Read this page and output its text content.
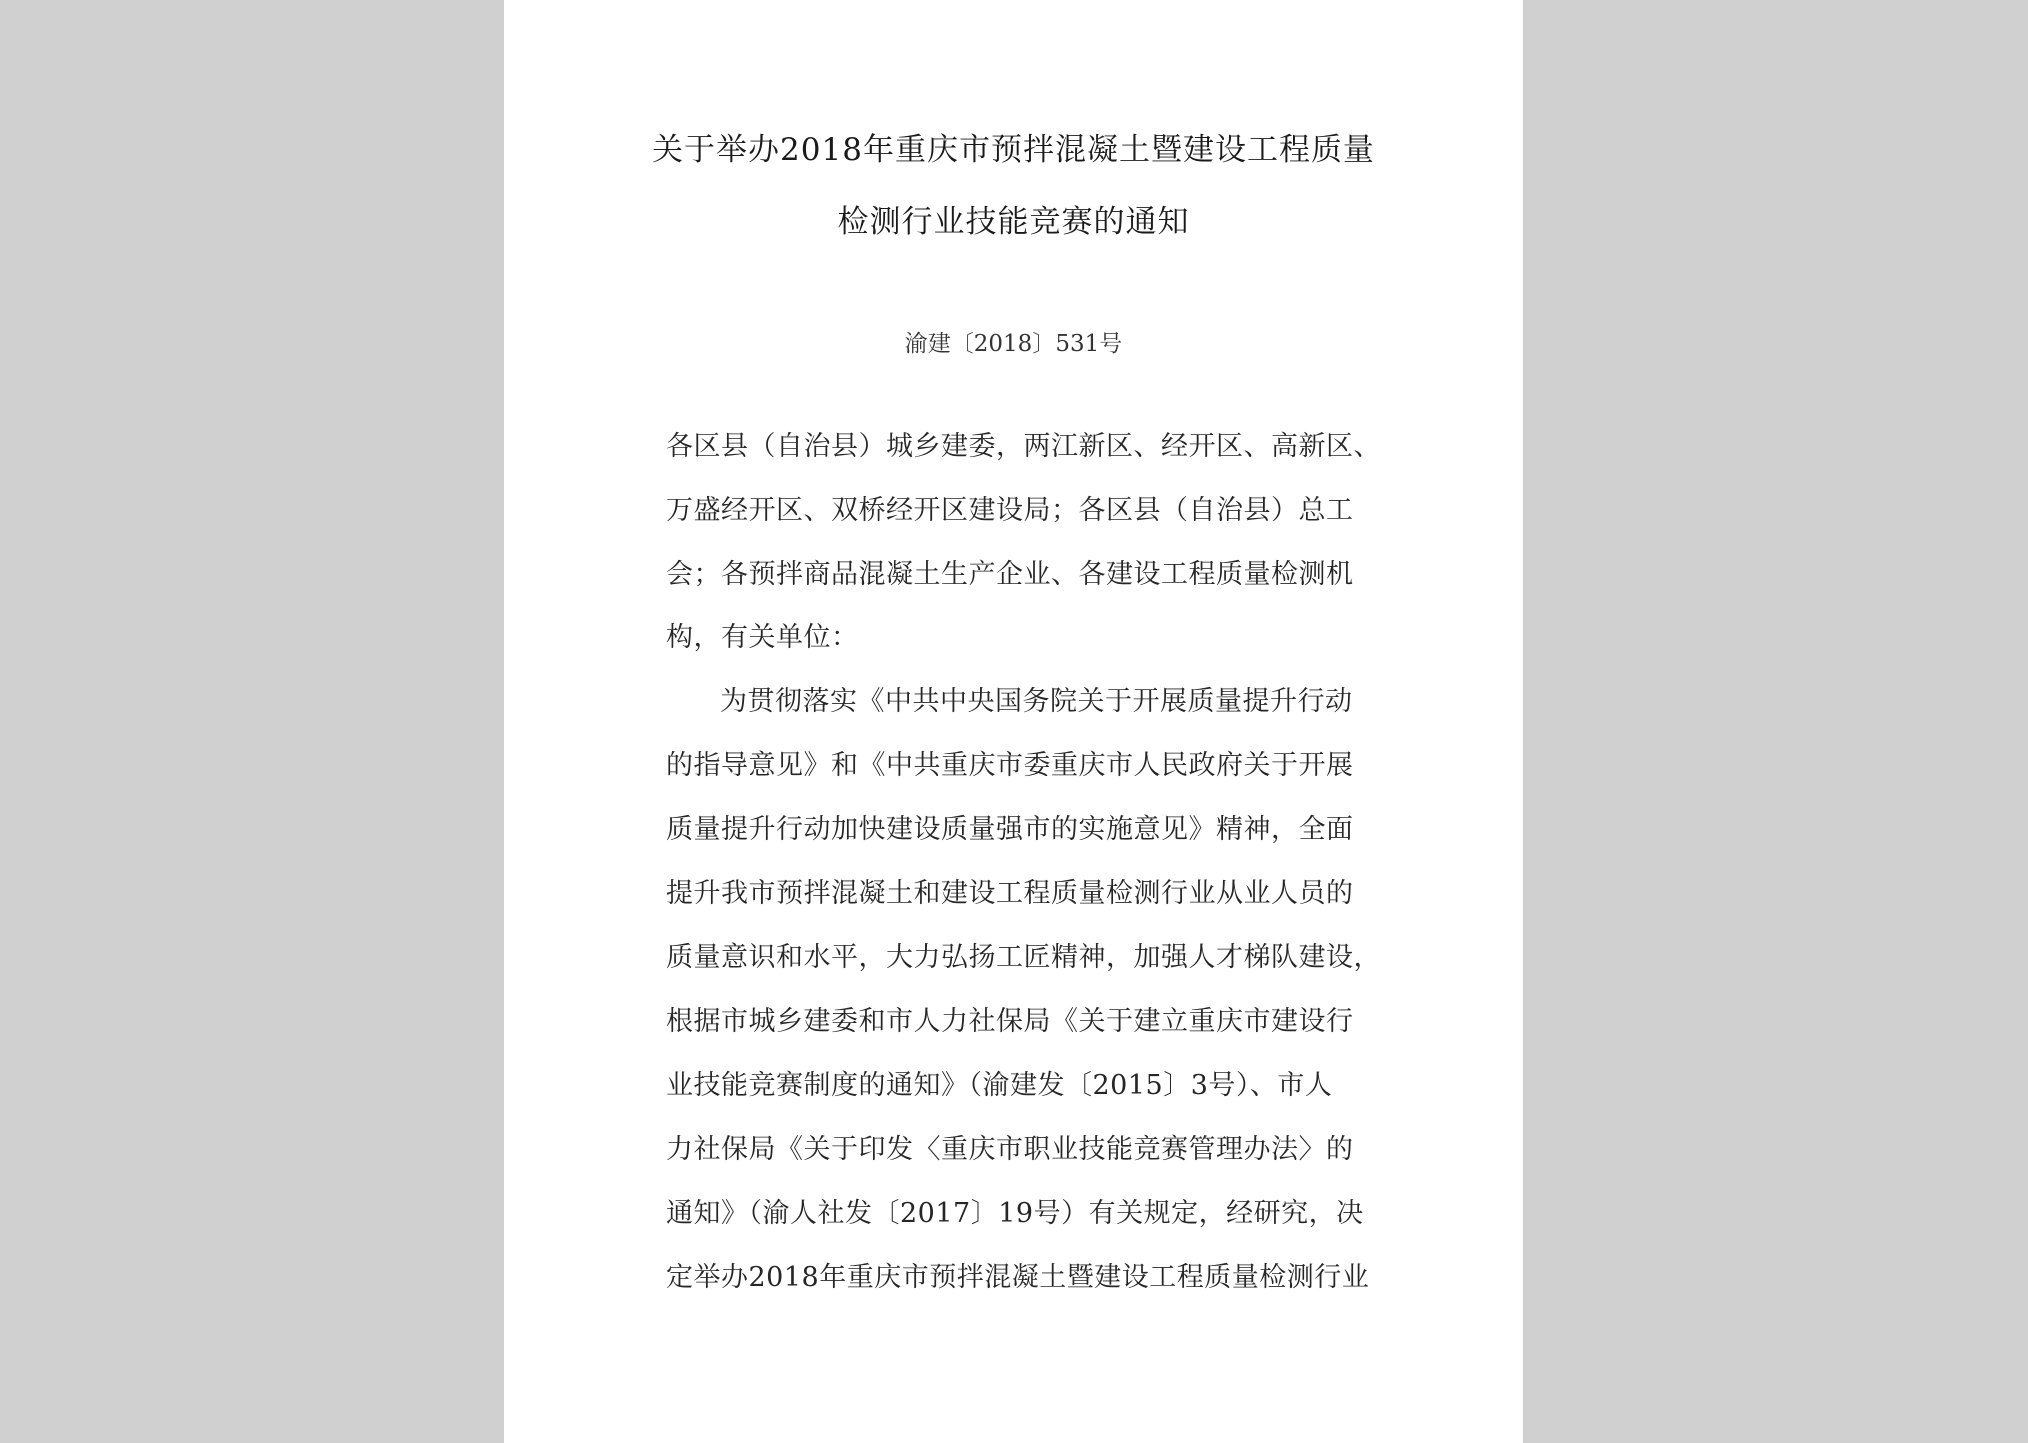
关于举办2018年重庆市预拌混凝土暨建设工程质量
检测行业技能竞赛的通知
渝建〔2018〕531号
各区县（自治县）城乡建委，两江新区、经开区、高新区、
万盛经开区、双桥经开区建设局；各区县（自治县）总工
会；各预拌商品混凝土生产企业、各建设工程质量检测机
构，有关单位：
为贯彻落实《中共中央国务院关于开展质量提升行动
的指导意见》和《中共重庆市委重庆市人民政府关于开展
质量提升行动加快建设质量强市的实施意见》精神，全面
提升我市预拌混凝土和建设工程质量检测行业从业人员的
质量意识和水平，大力弘扬工匠精神，加强人才梯队建设，
根据市城乡建委和市人力社保局《关于建立重庆市建设行
业技能竞赛制度的通知》（渝建发〔2015〕3号）、市人
力社保局《关于印发〈重庆市职业技能竞赛管理办法〉的
通知》（渝人社发〔2017〕19号）有关规定，经研究，决
定举办2018年重庆市预拌混凝土暨建设工程质量检测行业
